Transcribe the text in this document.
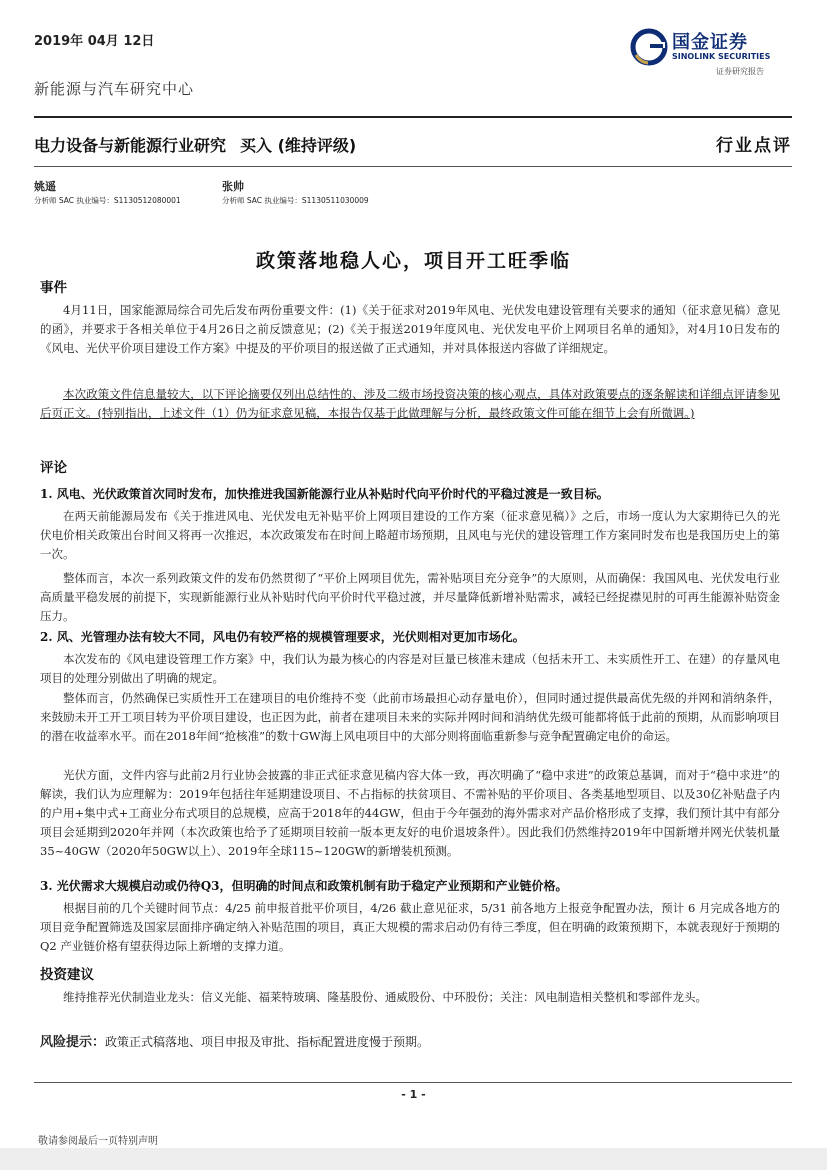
2019年 04月 12日
新能源与汽车研究中心
国金证券
SINOLINK SECURITIES
证券研究报告
电力设备与新能源行业研究 买入 (维持评级)	行业点评
姚遥
分析师 SAC 执业编号：S1130512080001
张帅
分析师 SAC 执业编号：S1130511030009
政策落地稳人心，项目开工旺季临
事件

4月11日，国家能源局综合司先后发布两份重要文件：(1)《关于征求对2019年风电、光伏发电建设管理有关要求的通知（征求意见稿）意见的函》，并要求于各相关单位于4月26日之前反馈意见；(2)《关于报送2019年度风电、光伏发电平价上网项目名单的通知》，对4月10日发布的《风电、光伏平价项目建设工作方案》中提及的平价项目的报送做了正式通知，并对具体报送内容做了详细规定。

本次政策文件信息量较大，以下评论摘要仅列出总结性的、涉及二级市场投资决策的核心观点，具体对政策要点的逐条解读和详细点评请参见后页正文。(特别指出，上述文件（1）仍为征求意见稿，本报告仅基于此做理解与分析，最终政策文件可能在细节上会有所微调。)

评论
1. 风电、光伏政策首次同时发布，加快推进我国新能源行业从补贴时代向平价时代的平稳过渡是一致目标。

在两天前能源局发布《关于推进风电、光伏发电无补贴平价上网项目建设的工作方案（征求意见稿）》之后，市场一度认为大家期待已久的光伏电价相关政策出台时间又将再一次推迟，本次政策发布在时间上略超市场预期，且风电与光伏的建设管理工作方案同时发布也是我国历史上的第一次。

整体而言，本次一系列政策文件的发布仍然贯彻了“平价上网项目优先，需补贴项目充分竞争”的大原则，从而确保：我国风电、光伏发电行业高质量平稳发展的前提下，实现新能源行业从补贴时代向平价时代平稳过渡，并尽量降低新增补贴需求，减轻已经捉襟见肘的可再生能源补贴资金压力。

2. 风、光管理办法有较大不同，风电仍有较严格的规模管理要求，光伏则相对更加市场化。

本次发布的《风电建设管理工作方案》中，我们认为最为核心的内容是对巨量已核准未建成（包括未开工、未实质性开工、在建）的存量风电项目的处理分别做出了明确的规定。

整体而言，仍然确保已实质性开工在建项目的电价维持不变（此前市场最担心动存量电价），但同时通过提供最高优先级的并网和消纳条件，来鼓励未开工开工项目转为平价项目建设，也正因为此，前者在建项目未来的实际并网时间和消纳优先级可能都将低于此前的预期，从而影响项目的潜在收益率水平。而在2018年间“抢核准”的数十GW海上风电项目中的大部分则将面临重新参与竞争配置确定电价的命运。

光伏方面，文件内容与此前2月行业协会披露的非正式征求意见稿内容大体一致，再次明确了“稳中求进”的政策总基调，而对于“稳中求进”的解读，我们认为应理解为：2019年包括往年延期建设项目、不占指标的扶贫项目、不需补贴的平价项目、各类基地型项目、以及30亿补贴盘子内的户用+集中式+工商业分布式项目的总规模，应高于2018年的44GW，但由于今年强劲的海外需求对产品价格形成了支撑，我们预计其中有部分项目会延期到2020年并网（本次政策也给予了延期项目较前一版本更友好的电价退坡条件）。因此我们仍然维持2019年中国新增并网光伏装机量35~40GW（2020年50GW以上）、2019年全球115~120GW的新增装机预测。

3. 光伏需求大规模启动或仍待Q3，但明确的时间点和政策机制有助于稳定产业预期和产业链价格。

根据目前的几个关键时间节点：4/25 前申报首批平价项目，4/26 截止意见征求，5/31 前各地方上报竞争配置办法，预计 6 月完成各地方的项目竞争配置筛选及国家层面排序确定纳入补贴范围的项目，真正大规模的需求启动仍有待三季度，但在明确的政策预期下，本就表现好于预期的 Q2 产业链价格有望获得边际上新增的支撑力道。

投资建议

维持推荐光伏制造业龙头：信义光能、福莱特玻璃、隆基股份、通威股份、中环股份；关注：风电制造相关整机和零部件龙头。

风险提示：政策正式稿落地、项目申报及审批、指标配置进度慢于预期。
- 1 -
敬请参阅最后一页特别声明
